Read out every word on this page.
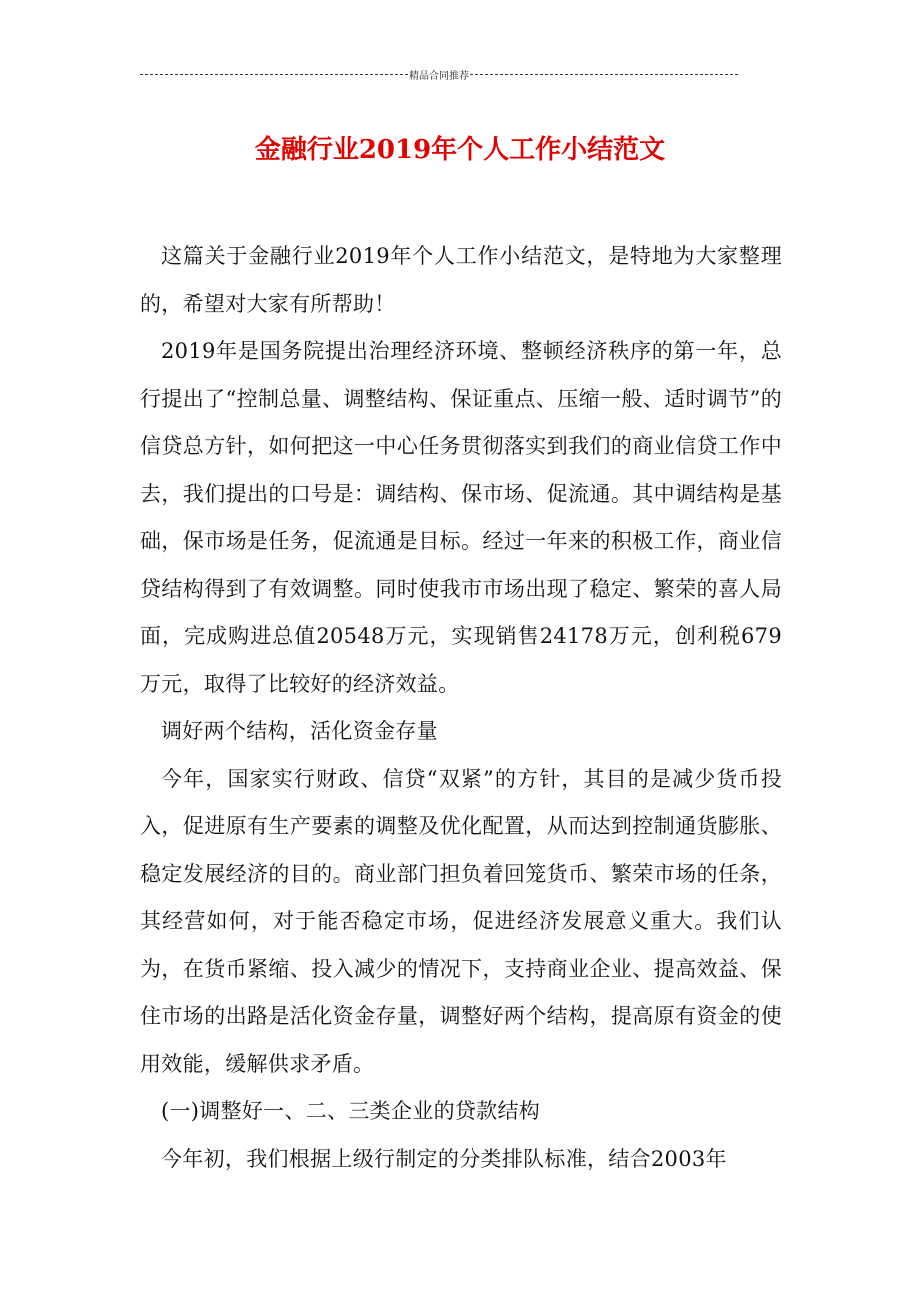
精品合同推荐
金融行业2019年个人工作小结范文

这篇关于金融行业2019年个人工作小结范文，是特地为大家整理的，希望对大家有所帮助！

2019年是国务院提出治理经济环境、整顿经济秩序的第一年，总行提出了“控制总量、调整结构、保证重点、压缩一般、适时调节”的信贷总方针，如何把这一中心任务贯彻落实到我们的商业信贷工作中去，我们提出的口号是：调结构、保市场、促流通。其中调结构是基础，保市场是任务，促流通是目标。经过一年来的积极工作，商业信贷结构得到了有效调整。同时使我市市场出现了稳定、繁荣的喜人局面，完成购进总值20548万元，实现销售24178万元，创利税679万元，取得了比较好的经济效益。

调好两个结构，活化资金存量

今年，国家实行财政、信贷“双紧”的方针，其目的是减少货币投入，促进原有生产要素的调整及优化配置，从而达到控制通货膨胀、稳定发展经济的目的。商业部门担负着回笼货币、繁荣市场的任条，其经营如何，对于能否稳定市场，促进经济发展意义重大。我们认为，在货币紧缩、投入减少的情况下，支持商业企业、提高效益、保住市场的出路是活化资金存量，调整好两个结构，提高原有资金的使用效能，缓解供求矛盾。

(一)调整好一、二、三类企业的贷款结构

今年初，我们根据上级行制定的分类排队标准，结合2003年
